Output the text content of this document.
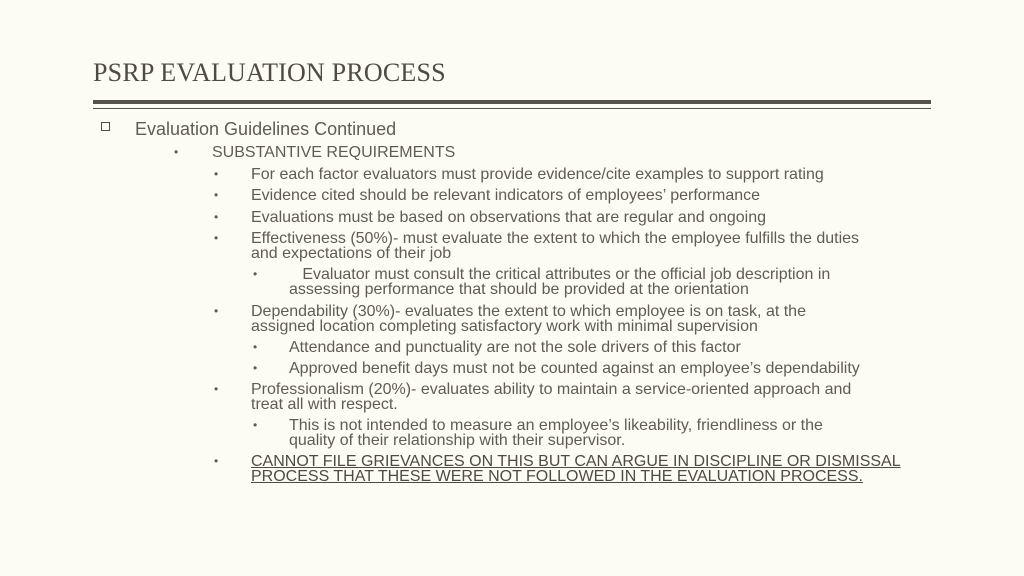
PSRP EVALUATION PROCESS
Evaluation Guidelines Continued
• SUBSTANTIVE REQUIREMENTS
• For each factor evaluators must provide evidence/cite examples to support rating
• Evidence cited should be relevant indicators of employees’ performance
• Evaluations must be based on observations that are regular and ongoing
• Effectiveness (50%)- must evaluate the extent to which the employee fulfills the duties
and expectations of their job
• Evaluator must consult the critical attributes or the official job description in
assessing performance that should be provided at the orientation
• Dependability (30%)- evaluates the extent to which employee is on task, at the
assigned location completing satisfactory work with minimal supervision
• Attendance and punctuality are not the sole drivers of this factor
• Approved benefit days must not be counted against an employee’s dependability
• Professionalism (20%)- evaluates ability to maintain a service-oriented approach and
treat all with respect.
• This is not intended to measure an employee’s likeability, friendliness or the
quality of their relationship with their supervisor.
• CANNOT FILE GRIEVANCES ON THIS BUT CAN ARGUE IN DISCIPLINE OR DISMISSAL
PROCESS THAT THESE WERE NOT FOLLOWED IN THE EVALUATION PROCESS.
